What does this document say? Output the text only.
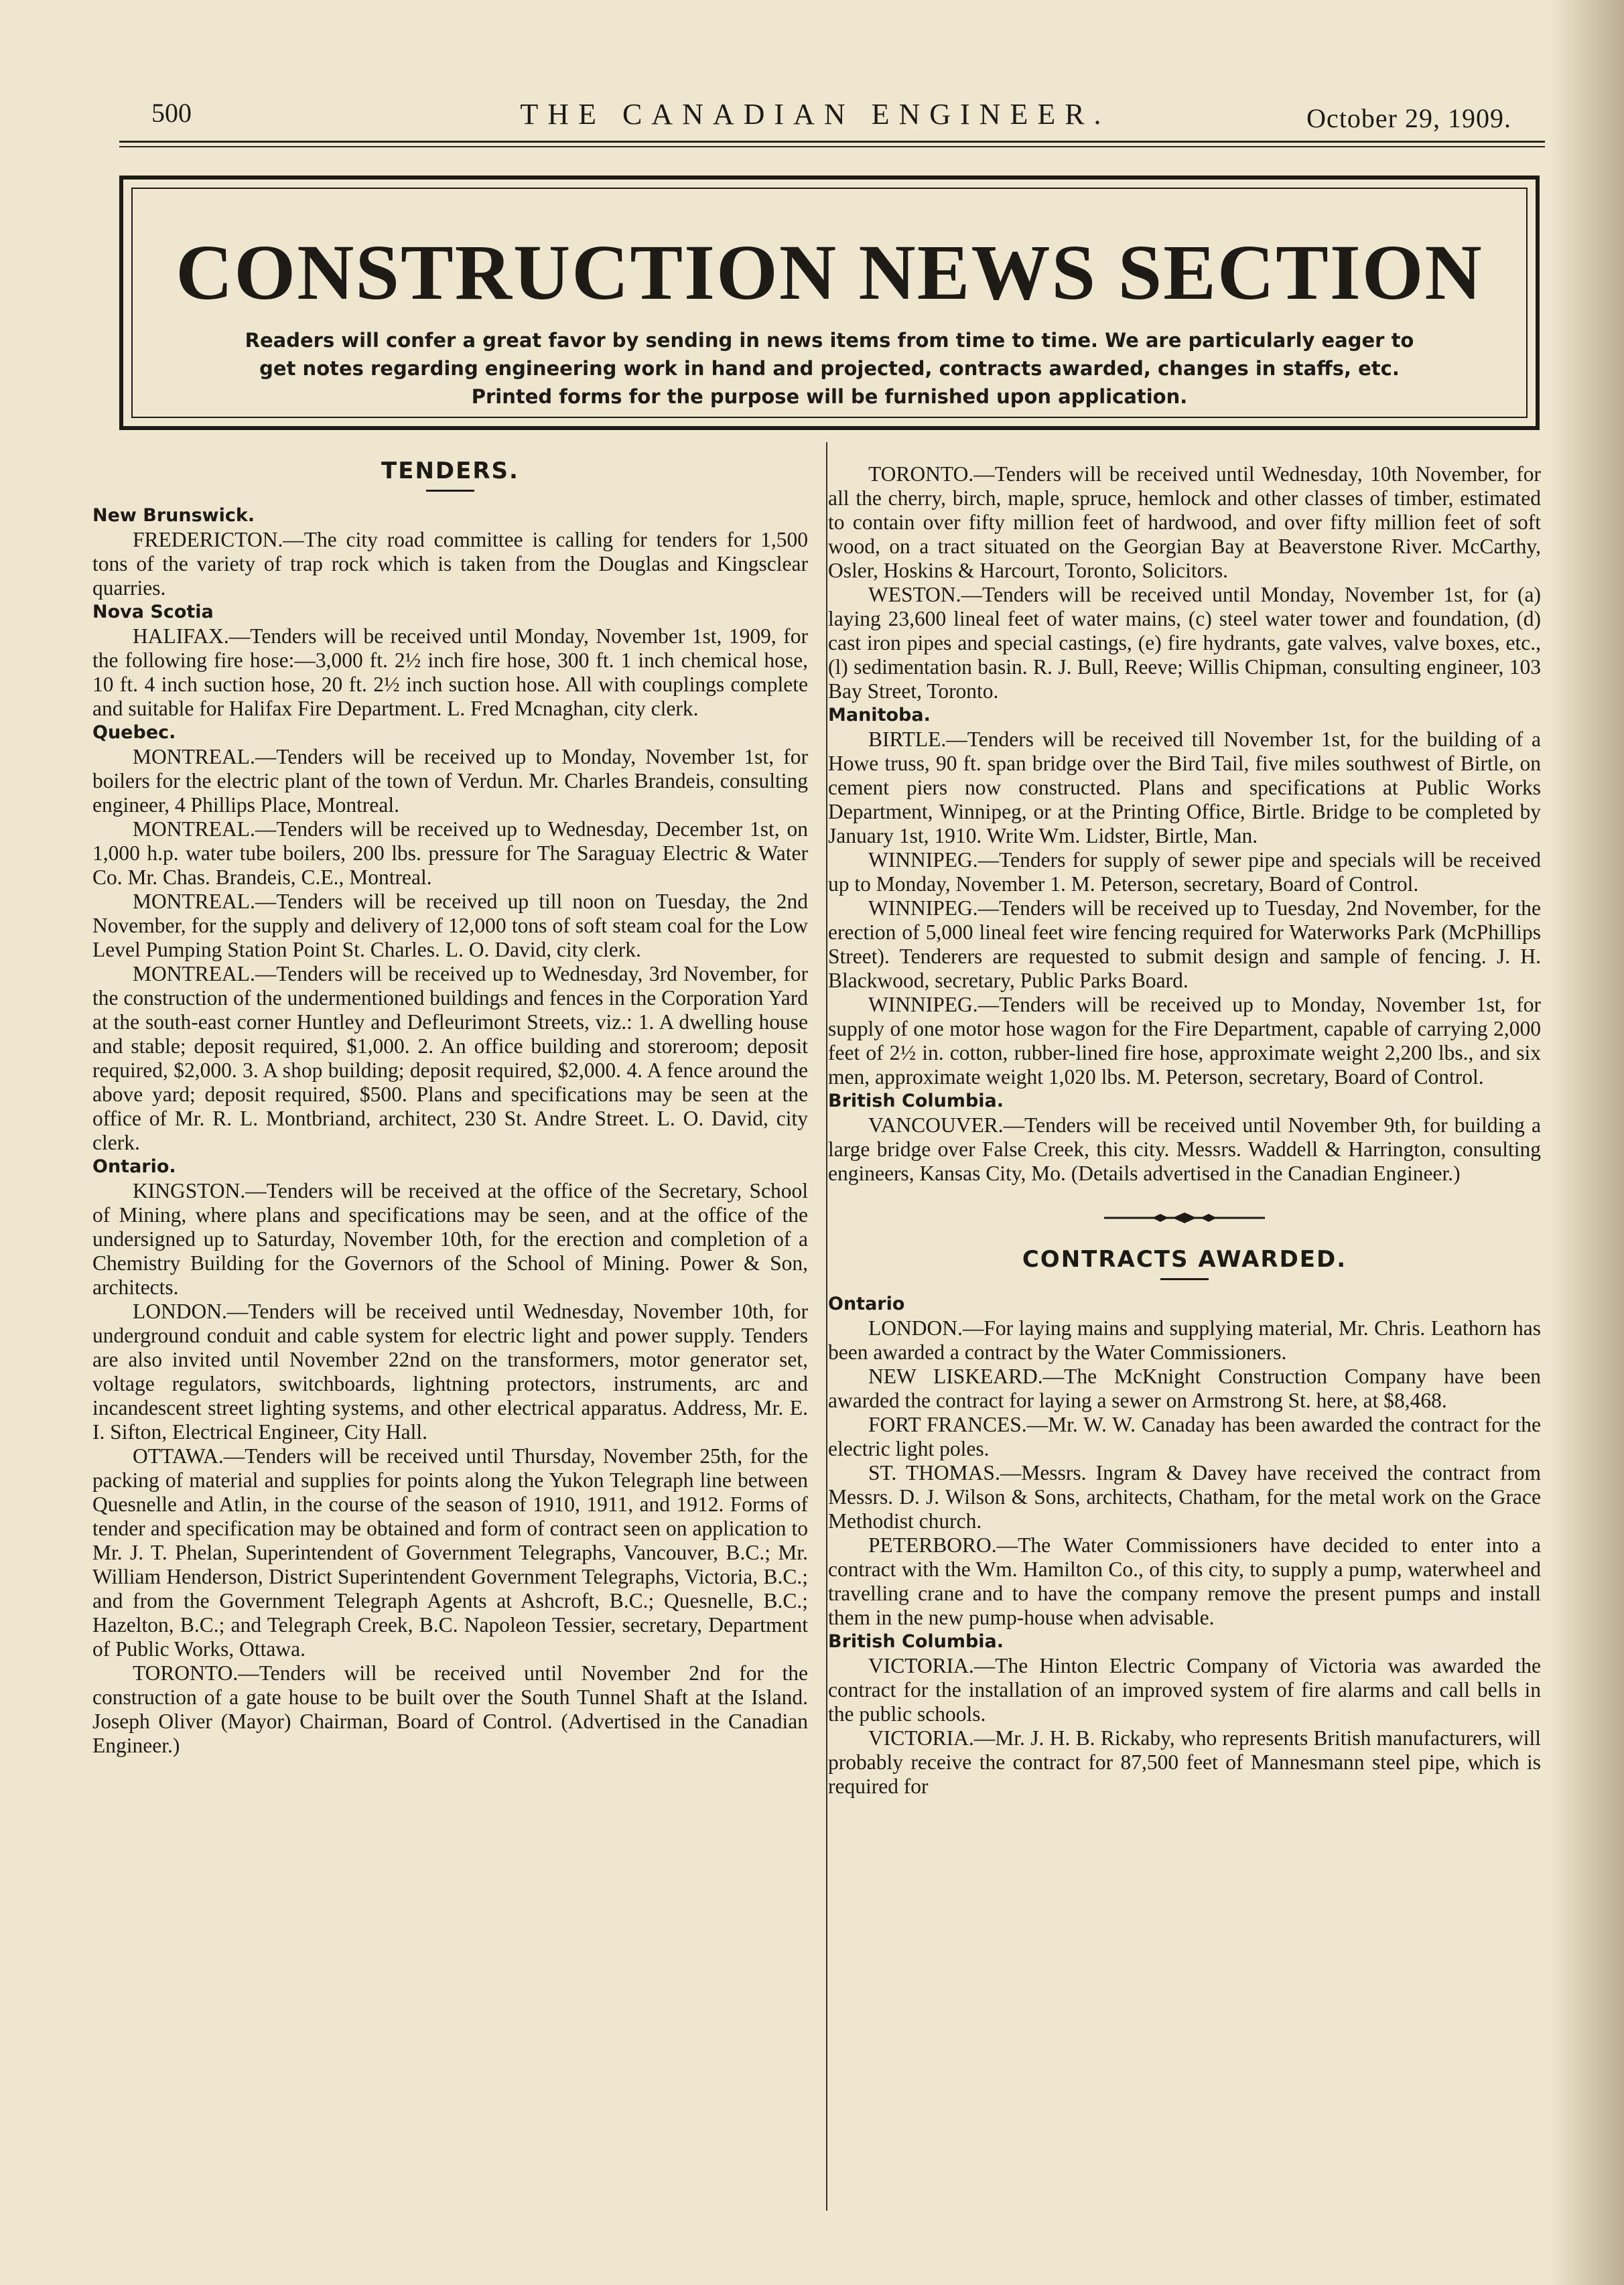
500	THE CANADIAN ENGINEER.	October 29, 1909.
CONSTRUCTION NEWS SECTION
Readers will confer a great favor by sending in news items from time to time. We are particularly eager to
get notes regarding engineering work in hand and projected, contracts awarded, changes in staffs, etc.
Printed forms for the purpose will be furnished upon application.
TENDERS.

New Brunswick.

FREDERICTON.—The city road committee is calling for tenders for 1,500 tons of the variety of trap rock which is taken from the Douglas and Kingsclear quarries.

Nova Scotia

HALIFAX.—Tenders will be received until Monday, November 1st, 1909, for the following fire hose:—3,000 ft. 2½ inch fire hose, 300 ft. 1 inch chemical hose, 10 ft. 4 inch suction hose, 20 ft. 2½ inch suction hose. All with couplings complete and suitable for Halifax Fire Department. L. Fred Mcnaghan, city clerk.

Quebec.

MONTREAL.—Tenders will be received up to Monday, November 1st, for boilers for the electric plant of the town of Verdun. Mr. Charles Brandeis, consulting engineer, 4 Phillips Place, Montreal.

MONTREAL.—Tenders will be received up to Wednesday, December 1st, on 1,000 h.p. water tube boilers, 200 lbs. pressure for The Saraguay Electric & Water Co. Mr. Chas. Brandeis, C.E., Montreal.

MONTREAL.—Tenders will be received up till noon on Tuesday, the 2nd November, for the supply and delivery of 12,000 tons of soft steam coal for the Low Level Pumping Station Point St. Charles. L. O. David, city clerk.

MONTREAL.—Tenders will be received up to Wednesday, 3rd November, for the construction of the undermentioned buildings and fences in the Corporation Yard at the south-east corner Huntley and Defleurimont Streets, viz.: 1. A dwelling house and stable; deposit required, $1,000. 2. An office building and storeroom; deposit required, $2,000. 3. A shop building; deposit required, $2,000. 4. A fence around the above yard; deposit required, $500. Plans and specifications may be seen at the office of Mr. R. L. Montbriand, architect, 230 St. Andre Street. L. O. David, city clerk.

Ontario.

KINGSTON.—Tenders will be received at the office of the Secretary, School of Mining, where plans and specifications may be seen, and at the office of the undersigned up to Saturday, November 10th, for the erection and completion of a Chemistry Building for the Governors of the School of Mining. Power & Son, architects.

LONDON.—Tenders will be received until Wednesday, November 10th, for underground conduit and cable system for electric light and power supply. Tenders are also invited until November 22nd on the transformers, motor generator set, voltage regulators, switchboards, lightning protectors, instruments, arc and incandescent street lighting systems, and other electrical apparatus. Address, Mr. E. I. Sifton, Electrical Engineer, City Hall.

OTTAWA.—Tenders will be received until Thursday, November 25th, for the packing of material and supplies for points along the Yukon Telegraph line between Quesnelle and Atlin, in the course of the season of 1910, 1911, and 1912. Forms of tender and specification may be obtained and form of contract seen on application to Mr. J. T. Phelan, Superintendent of Government Telegraphs, Vancouver, B.C.; Mr. William Henderson, District Superintendent Government Telegraphs, Victoria, B.C.; and from the Government Telegraph Agents at Ashcroft, B.C.; Quesnelle, B.C.; Hazelton, B.C.; and Telegraph Creek, B.C. Napoleon Tessier, secretary, Department of Public Works, Ottawa.

TORONTO.—Tenders will be received until November 2nd for the construction of a gate house to be built over the South Tunnel Shaft at the Island. Joseph Oliver (Mayor) Chairman, Board of Control. (Advertised in the Canadian Engineer.)

TORONTO.—Tenders will be received until Wednesday, 10th November, for all the cherry, birch, maple, spruce, hemlock and other classes of timber, estimated to contain over fifty million feet of hardwood, and over fifty million feet of soft wood, on a tract situated on the Georgian Bay at Beaverstone River. McCarthy, Osler, Hoskins & Harcourt, Toronto, Solicitors.

WESTON.—Tenders will be received until Monday, November 1st, for (a) laying 23,600 lineal feet of water mains, (c) steel water tower and foundation, (d) cast iron pipes and special castings, (e) fire hydrants, gate valves, valve boxes, etc., (l) sedimentation basin. R. J. Bull, Reeve; Willis Chipman, consulting engineer, 103 Bay Street, Toronto.

Manitoba.

BIRTLE.—Tenders will be received till November 1st, for the building of a Howe truss, 90 ft. span bridge over the Bird Tail, five miles southwest of Birtle, on cement piers now constructed. Plans and specifications at Public Works Department, Winnipeg, or at the Printing Office, Birtle. Bridge to be completed by January 1st, 1910. Write Wm. Lidster, Birtle, Man.

WINNIPEG.—Tenders for supply of sewer pipe and specials will be received up to Monday, November 1. M. Peterson, secretary, Board of Control.

WINNIPEG.—Tenders will be received up to Tuesday, 2nd November, for the erection of 5,000 lineal feet wire fencing required for Waterworks Park (McPhillips Street). Tenderers are requested to submit design and sample of fencing. J. H. Blackwood, secretary, Public Parks Board.

WINNIPEG.—Tenders will be received up to Monday, November 1st, for supply of one motor hose wagon for the Fire Department, capable of carrying 2,000 feet of 2½ in. cotton, rubber-lined fire hose, approximate weight 2,200 lbs., and six men, approximate weight 1,020 lbs. M. Peterson, secretary, Board of Control.

British Columbia.

VANCOUVER.—Tenders will be received until November 9th, for building a large bridge over False Creek, this city. Messrs. Waddell & Harrington, consulting engineers, Kansas City, Mo. (Details advertised in the Canadian Engineer.)

CONTRACTS AWARDED.

Ontario

LONDON.—For laying mains and supplying material, Mr. Chris. Leathorn has been awarded a contract by the Water Commissioners.

NEW LISKEARD.—The McKnight Construction Company have been awarded the contract for laying a sewer on Armstrong St. here, at $8,468.

FORT FRANCES.—Mr. W. W. Canaday has been awarded the contract for the electric light poles.

ST. THOMAS.—Messrs. Ingram & Davey have received the contract from Messrs. D. J. Wilson & Sons, architects, Chatham, for the metal work on the Grace Methodist church.

PETERBORO.—The Water Commissioners have decided to enter into a contract with the Wm. Hamilton Co., of this city, to supply a pump, waterwheel and travelling crane and to have the company remove the present pumps and install them in the new pump-house when advisable.

British Columbia.

VICTORIA.—The Hinton Electric Company of Victoria was awarded the contract for the installation of an improved system of fire alarms and call bells in the public schools.

VICTORIA.—Mr. J. H. B. Rickaby, who represents British manufacturers, will probably receive the contract for 87,500 feet of Mannesmann steel pipe, which is required for
